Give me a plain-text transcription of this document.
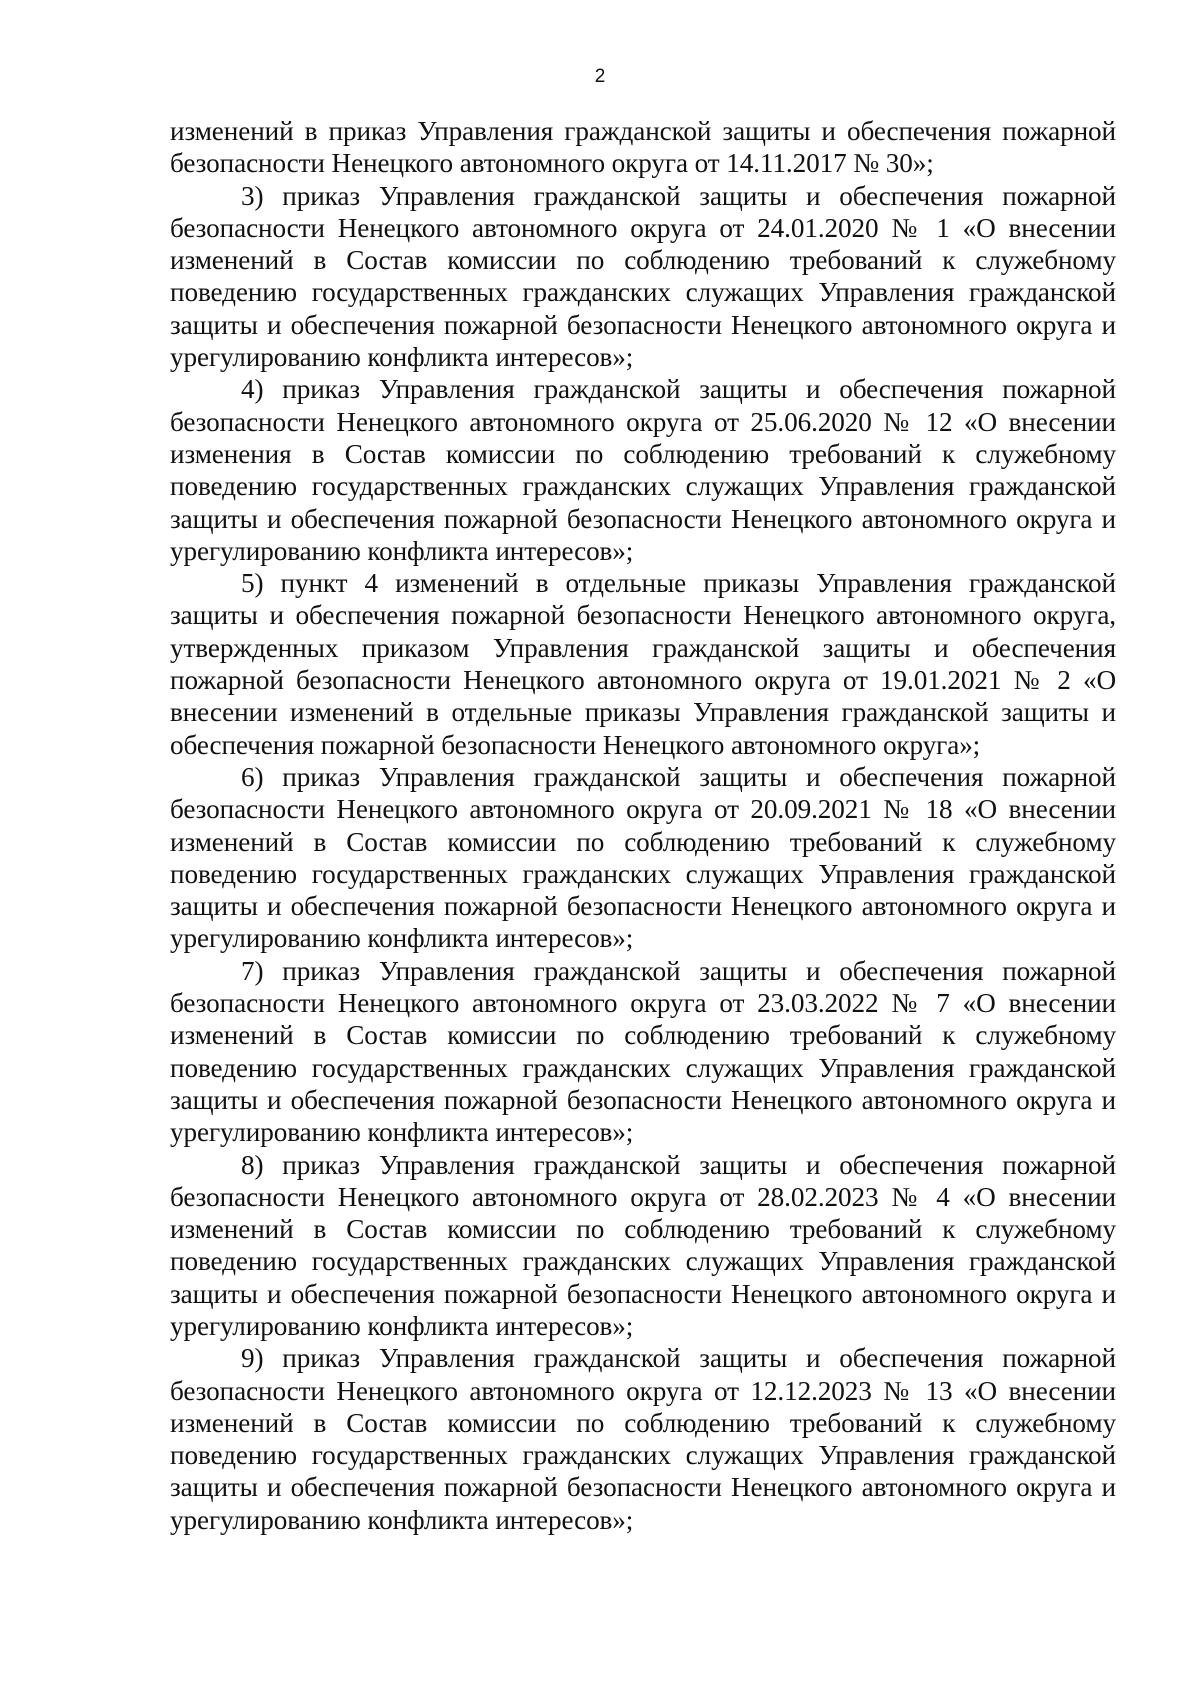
2

изменений в приказ Управления гражданской защиты и обеспечения пожарной безопасности Ненецкого автономного округа от 14.11.2017 № 30»;

3) приказ Управления гражданской защиты и обеспечения пожарной безопасности Ненецкого автономного округа от 24.01.2020 № 1 «О внесении изменений в Состав комиссии по соблюдению требований к служебному поведению государственных гражданских служащих Управления гражданской защиты и обеспечения пожарной безопасности Ненецкого автономного округа и урегулированию конфликта интересов»;

4) приказ Управления гражданской защиты и обеспечения пожарной безопасности Ненецкого автономного округа от 25.06.2020 № 12 «О внесении изменения в Состав комиссии по соблюдению требований к служебному поведению государственных гражданских служащих Управления гражданской защиты и обеспечения пожарной безопасности Ненецкого автономного округа и урегулированию конфликта интересов»;

5) пункт 4 изменений в отдельные приказы Управления гражданской защиты и обеспечения пожарной безопасности Ненецкого автономного округа, утвержденных приказом Управления гражданской защиты и обеспечения пожарной безопасности Ненецкого автономного округа от 19.01.2021 № 2 «О внесении изменений в отдельные приказы Управления гражданской защиты и обеспечения пожарной безопасности Ненецкого автономного округа»;

6) приказ Управления гражданской защиты и обеспечения пожарной безопасности Ненецкого автономного округа от 20.09.2021 № 18 «О внесении изменений в Состав комиссии по соблюдению требований к служебному поведению государственных гражданских служащих Управления гражданской защиты и обеспечения пожарной безопасности Ненецкого автономного округа и урегулированию конфликта интересов»;

7) приказ Управления гражданской защиты и обеспечения пожарной безопасности Ненецкого автономного округа от 23.03.2022 № 7 «О внесении изменений в Состав комиссии по соблюдению требований к служебному поведению государственных гражданских служащих Управления гражданской защиты и обеспечения пожарной безопасности Ненецкого автономного округа и урегулированию конфликта интересов»;

8) приказ Управления гражданской защиты и обеспечения пожарной безопасности Ненецкого автономного округа от 28.02.2023 № 4 «О внесении изменений в Состав комиссии по соблюдению требований к служебному поведению государственных гражданских служащих Управления гражданской защиты и обеспечения пожарной безопасности Ненецкого автономного округа и урегулированию конфликта интересов»;

9) приказ Управления гражданской защиты и обеспечения пожарной безопасности Ненецкого автономного округа от 12.12.2023 № 13 «О внесении изменений в Состав комиссии по соблюдению требований к служебному поведению государственных гражданских служащих Управления гражданской защиты и обеспечения пожарной безопасности Ненецкого автономного округа и урегулированию конфликта интересов»;
